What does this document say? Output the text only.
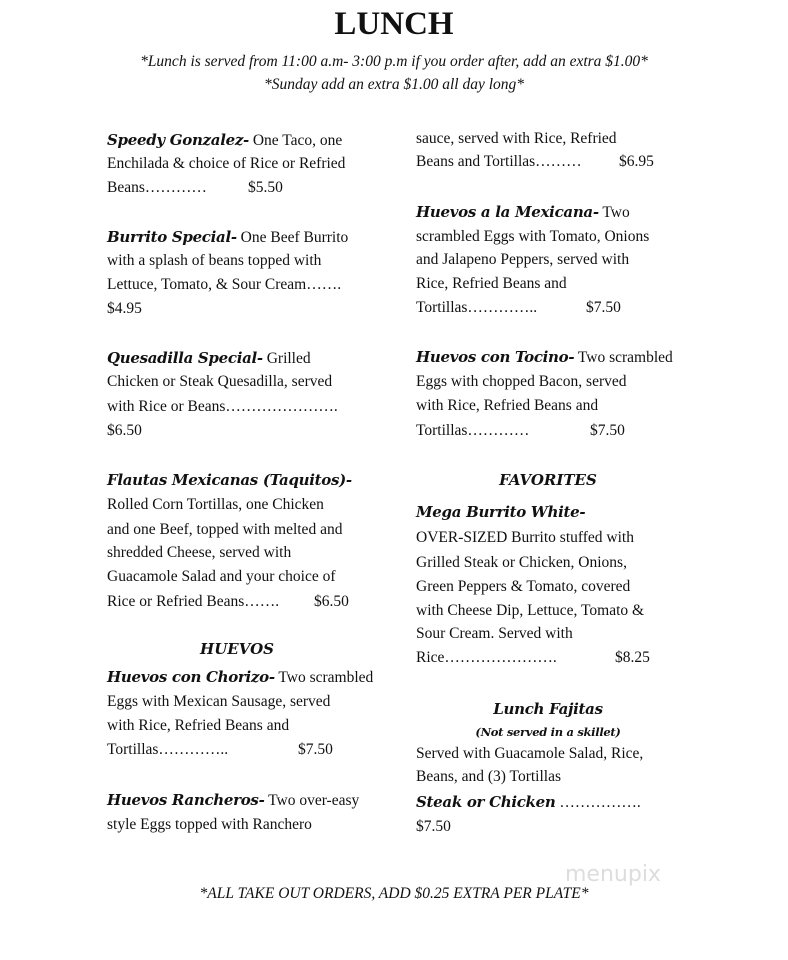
LUNCH
*Lunch is served from 11:00 a.m- 3:00 p.m if you order after, add an extra $1.00*
*Sunday add an extra $1.00 all day long*
Speedy Gonzalez- One Taco, one
Enchilada & choice of Rice or Refried
Beans…………	$5.50
Burrito Special- One Beef Burrito
with a splash of beans topped with
Lettuce, Tomato, & Sour Cream…….
$4.95
Quesadilla Special- Grilled
Chicken or Steak Quesadilla, served
with Rice or Beans………………….
$6.50
Flautas Mexicanas (Taquitos)-
Rolled Corn Tortillas, one Chicken
and one Beef, topped with melted and
shredded Cheese, served with
Guacamole Salad and your choice of
Rice or Refried Beans……. $6.50
HUEVOS
Huevos con Chorizo- Two scrambled
Eggs with Mexican Sausage, served
with Rice, Refried Beans and
Tortillas…………..	$7.50
Huevos Rancheros- Two over-easy
style Eggs topped with Ranchero
sauce, served with Rice, Refried
Beans and Tortillas……… $6.95
Huevos a la Mexicana- Two
scrambled Eggs with Tomato, Onions
and Jalapeno Peppers, served with
Rice, Refried Beans and
Tortillas…………..	$7.50
Huevos con Tocino- Two scrambled
Eggs with chopped Bacon, served
with Rice, Refried Beans and
Tortillas…………	$7.50
FAVORITES
Mega Burrito White-
OVER-SIZED Burrito stuffed with
Grilled Steak or Chicken, Onions,
Green Peppers & Tomato, covered
with Cheese Dip, Lettuce, Tomato &
Sour Cream. Served with
Rice………………….	$8.25
Lunch Fajitas
(Not served in a skillet)
Served with Guacamole Salad, Rice,
Beans, and (3) Tortillas
Steak or Chicken …………….
$7.50
menupix
*ALL TAKE OUT ORDERS, ADD $0.25 EXTRA PER PLATE*
